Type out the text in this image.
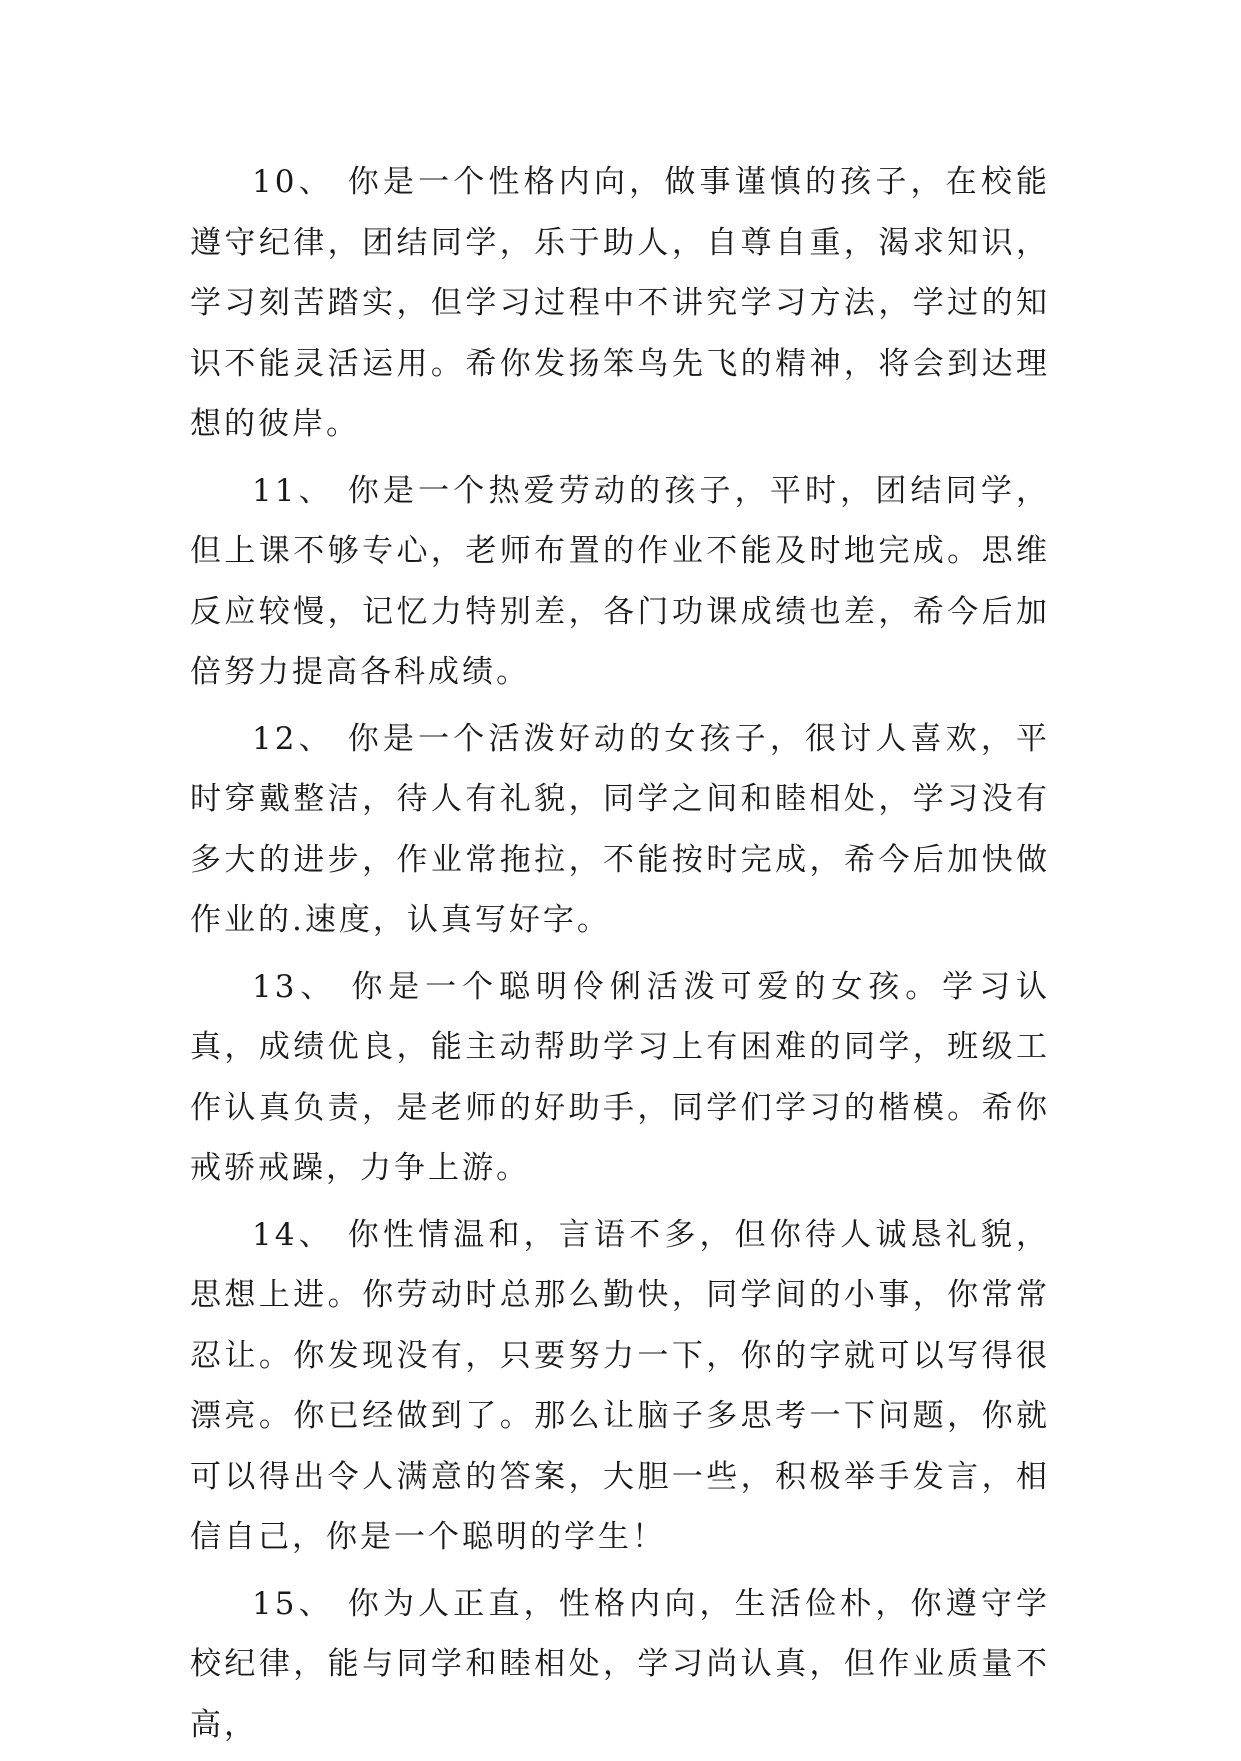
10、 你是一个性格内向，做事谨慎的孩子，在校能遵守纪律，团结同学，乐于助人，自尊自重，渴求知识，学习刻苦踏实，但学习过程中不讲究学习方法，学过的知识不能灵活运用。希你发扬笨鸟先飞的精神，将会到达理想的彼岸。

11、 你是一个热爱劳动的孩子，平时，团结同学，但上课不够专心，老师布置的作业不能及时地完成。思维反应较慢，记忆力特别差，各门功课成绩也差，希今后加倍努力提高各科成绩。

12、 你是一个活泼好动的女孩子，很讨人喜欢，平时穿戴整洁，待人有礼貌，同学之间和睦相处，学习没有多大的进步，作业常拖拉，不能按时完成，希今后加快做作业的.速度，认真写好字。

13、 你是一个聪明伶俐活泼可爱的女孩。学习认真，成绩优良，能主动帮助学习上有困难的同学，班级工作认真负责，是老师的好助手，同学们学习的楷模。希你戒骄戒躁，力争上游。

14、 你性情温和，言语不多，但你待人诚恳礼貌，思想上进。你劳动时总那么勤快，同学间的小事，你常常忍让。你发现没有，只要努力一下，你的字就可以写得很漂亮。你已经做到了。那么让脑子多思考一下问题，你就可以得出令人满意的答案，大胆一些，积极举手发言，相信自己，你是一个聪明的学生！

15、 你为人正直，性格内向，生活俭朴，你遵守学校纪律，能与同学和睦相处，学习尚认真，但作业质量不高，
